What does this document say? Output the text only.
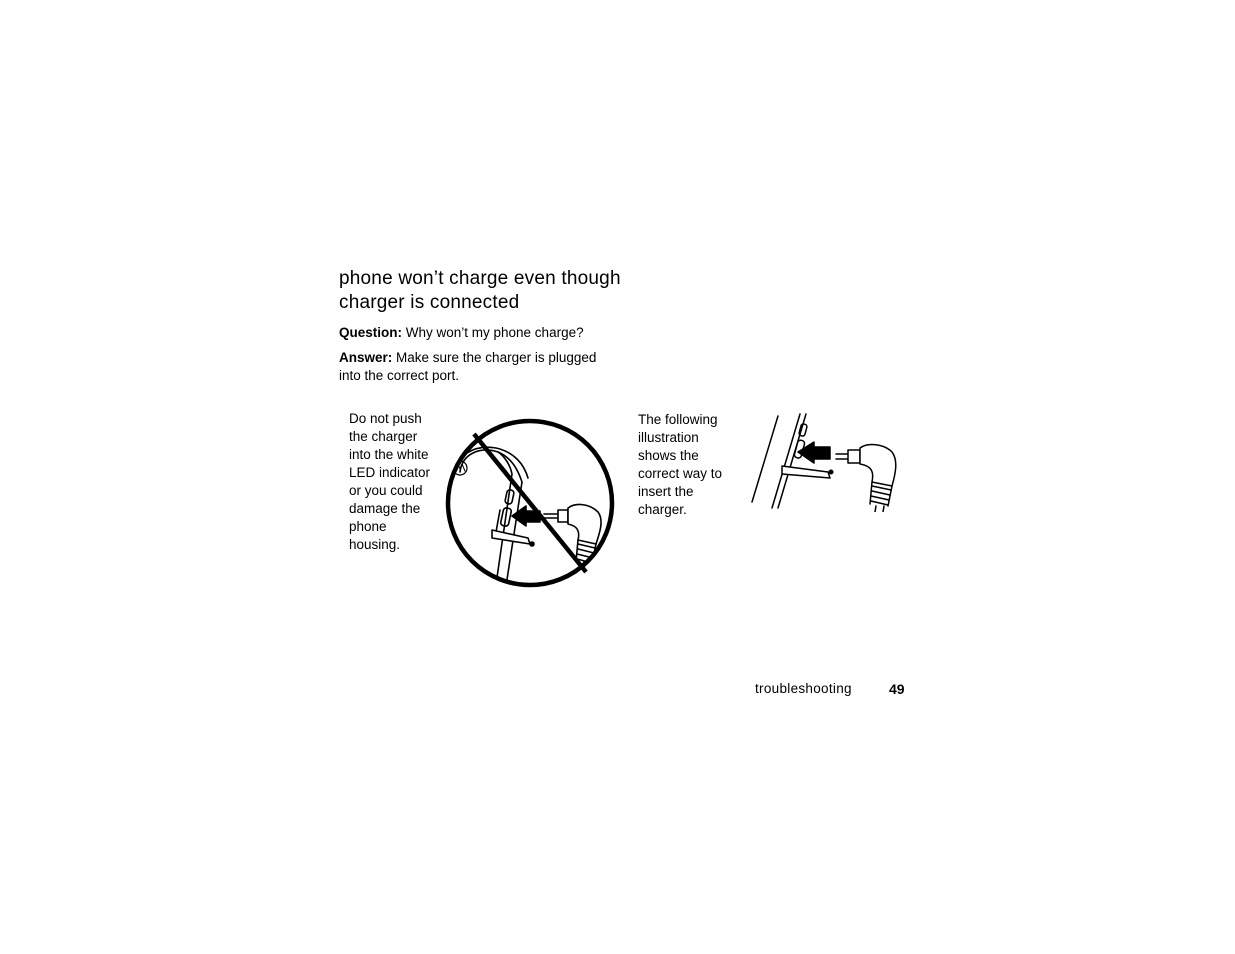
phone won’t charge even though charger is connected

Question: Why won’t my phone charge?

Answer: Make sure the charger is plugged into the correct port.

Do not push the charger into the white LED indicator or you could damage the phone housing.

The following illustration shows the correct way to insert the charger.

troubleshooting	49
